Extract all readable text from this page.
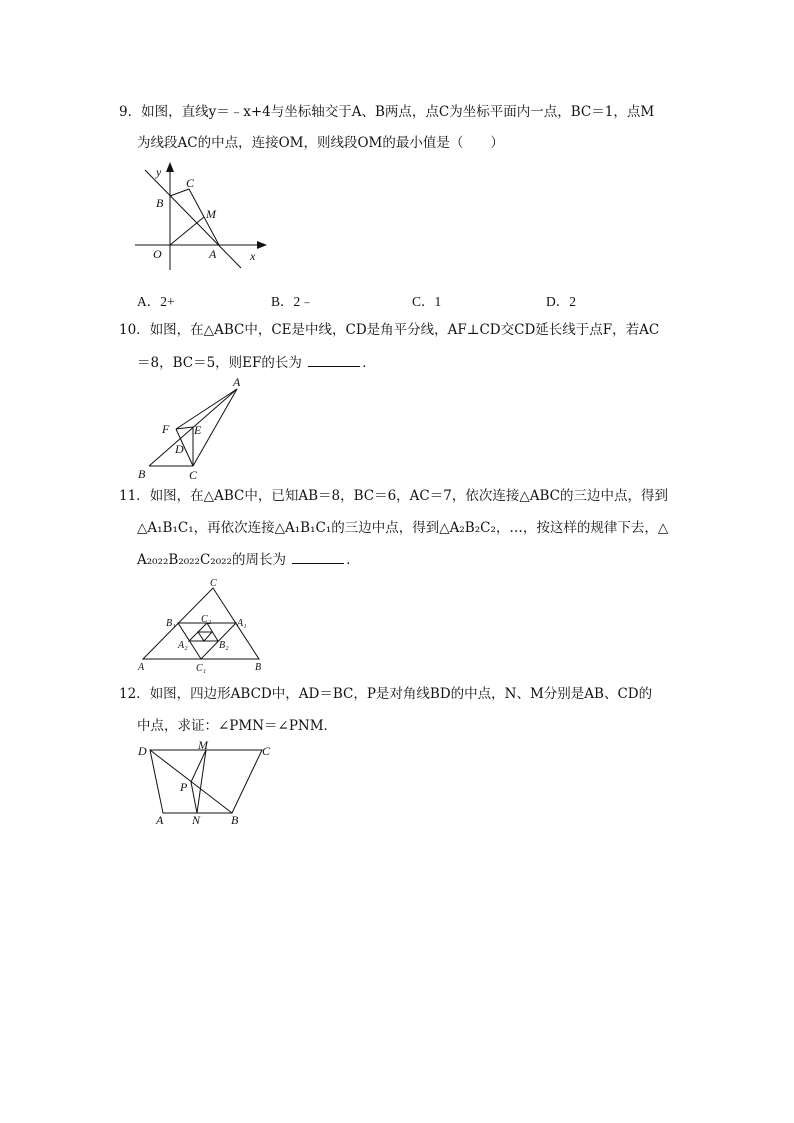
9．如图，直线y＝﹣x+4与坐标轴交于A、B两点，点C为坐标平面内一点，BC＝1，点M
为线段AC的中点，连接OM，则线段OM的最小值是（　　）
y
x
O	A
B
C
M
A．2+	B．2﹣	C．1	D．2
10．如图，在△ABC中，CE是中线，CD是角平分线，AF⊥CD交CD延长线于点F，若AC
＝8，BC＝5，则EF的长为	．
A
B	C
D
E
F
11．如图，在△ABC中，已知AB＝8，BC＝6，AC＝7，依次连接△ABC的三边中点，得到
△A₁B₁C₁，再依次连接△A₁B₁C₁的三边中点，得到△A₂B₂C₂，…，按这样的规律下去，△
A₂₀₂₂B₂₀₂₂C₂₀₂₂的周长为	．
C
A	B
B₁	A₁
C₁
C₂
A₂	B₂
12．如图，四边形ABCD中，AD＝BC，P是对角线BD的中点，N、M分别是AB、CD的
中点，求证：∠PMN＝∠PNM．
D	C
M
P
A N	B
